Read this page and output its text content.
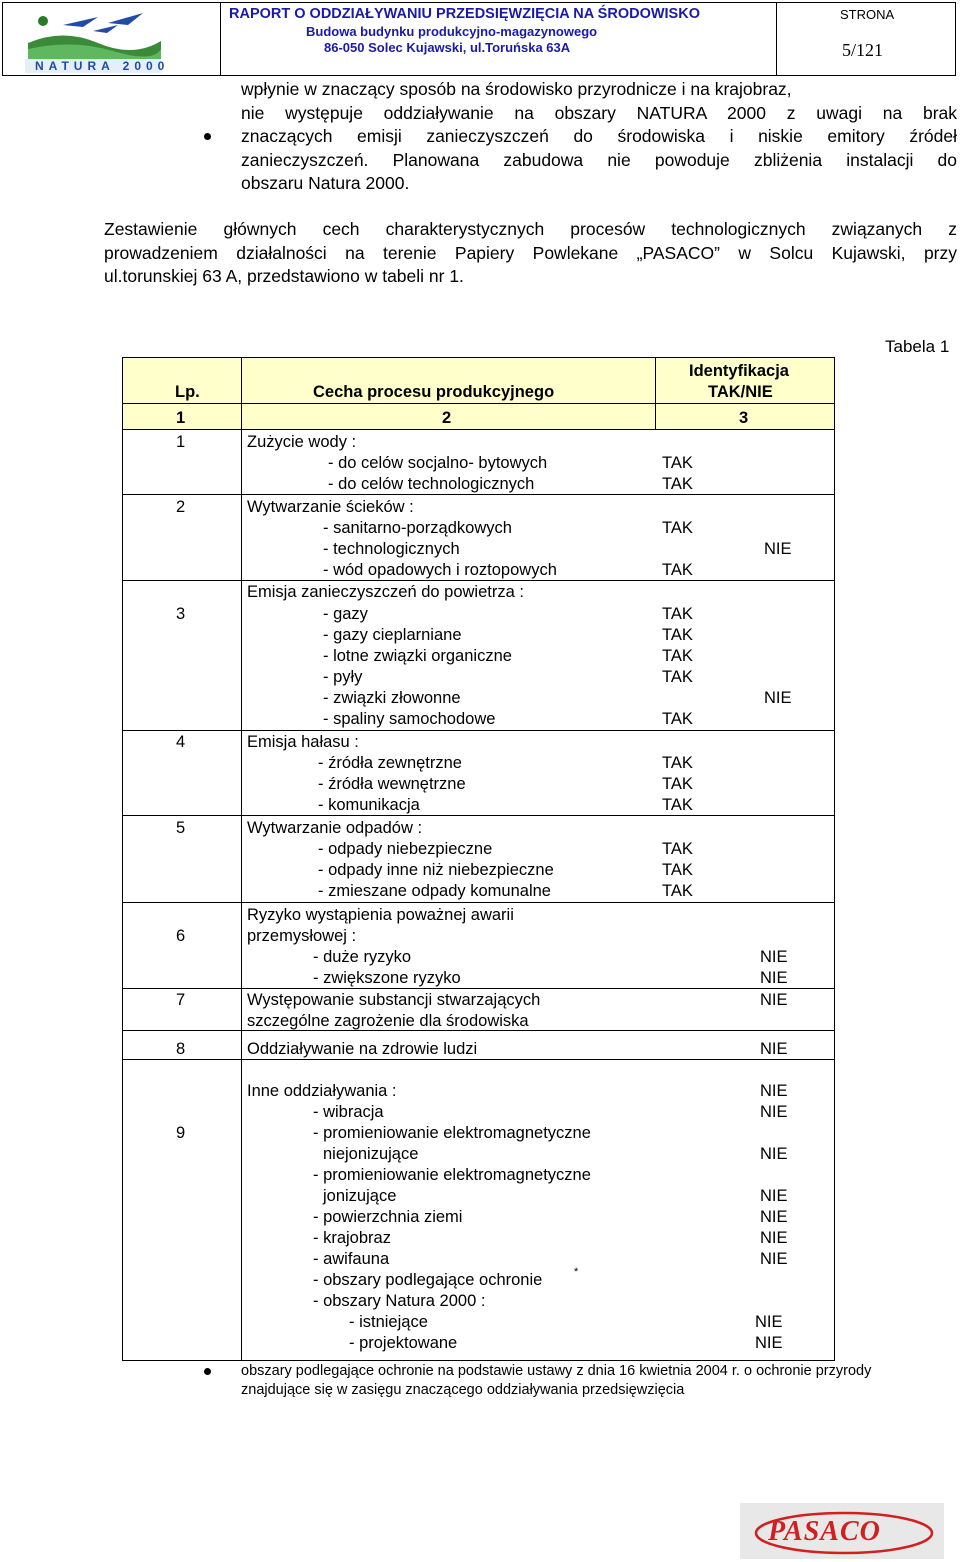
NATURA 2000
RAPORT O ODDZIAŁYWANIU PRZEDSIĘWZIĘCIA NA ŚRODOWISKO
Budowa budynku produkcyjno-magazynowego
86-050 Solec Kujawski, ul.Toruńska 63A
STRONA
5/121
wpłynie w znaczący sposób na środowisko przyrodnicze i na krajobraz,
nie występuje oddziaływanie na obszary NATURA 2000 z uwagi na brak
znaczących emisji zanieczyszczeń do środowiska i niskie emitory źródeł
zanieczyszczeń. Planowana zabudowa nie powoduje zbliżenia instalacji do
obszaru Natura 2000.
Zestawienie głównych cech charakterystycznych procesów technologicznych związanych z
prowadzeniem działalności na terenie Papiery Powlekane „PASACO” w Solcu Kujawski, przy
ul.torunskiej 63 A, przedstawiono w tabeli nr 1.
Tabela 1
Lp.	Cecha procesu produkcyjnego
Identyfikacja
TAK/NIE
1	2	3
1	Zużycie wody :
- do celów socjalno- bytowych	TAK
- do celów technologicznych	TAK
2	Wytwarzanie ścieków :
- sanitarno-porządkowych	TAK
- technologicznych	NIE
- wód opadowych i roztopowych	TAK
3
Emisja zanieczyszczeń do powietrza :
- gazy	TAK
- gazy cieplarniane	TAK
- lotne związki organiczne	TAK
- pyły	TAK
- związki złowonne	NIE
- spaliny samochodowe	TAK
4	Emisja hałasu :
- źródła zewnętrzne	TAK
- źródła wewnętrzne	TAK
- komunikacja	TAK
5	Wytwarzanie odpadów :
- odpady niebezpieczne	TAK
- odpady inne niż niebezpieczne	TAK
- zmieszane odpady komunalne	TAK
6
Ryzyko wystąpienia poważnej awarii
przemysłowej :
- duże ryzyko	NIE
- zwiększone ryzyko	NIE
7	Występowanie substancji stwarzających
szczególne zagrożenie dla środowiska
NIE
8	Oddziaływanie na zdrowie ludzi	NIE
9
Inne oddziaływania :	NIE
- wibracja	NIE
- promieniowanie elektromagnetyczne
niejonizujące	NIE
- promieniowanie elektromagnetyczne
jonizujące	NIE
- powierzchnia ziemi	NIE
- krajobraz	NIE
- awifauna	NIE
- obszary podlegające ochronie	*
- obszary Natura 2000 :
- istniejące	NIE
- projektowane	NIE
obszary podlegające ochronie na podstawie ustawy z dnia 16 kwietnia 2004 r. o ochronie przyrody
znajdujące się w zasięgu znaczącego oddziaływania przedsięwzięcia
PASACO
